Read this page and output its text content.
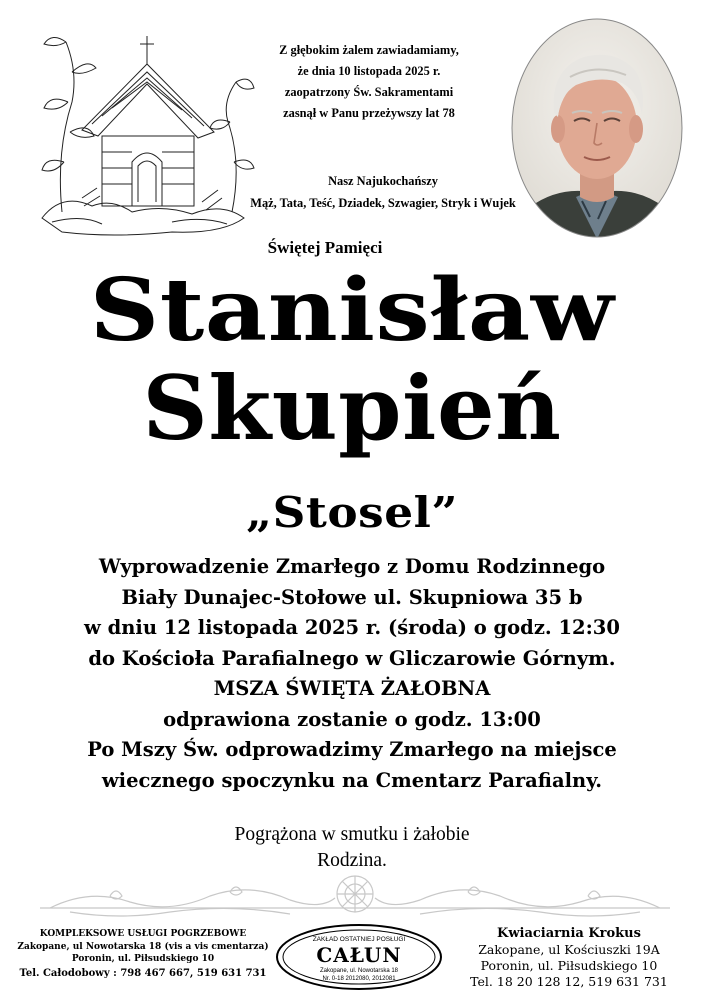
Z głębokim żalem zawiadamiamy,
że dnia 10 listopada 2025 r.
zaopatrzony Św. Sakramentami
zasnął w Panu przeżywszy lat 78
Nasz Najukochańszy
Mąż, Tata, Teść, Dziadek, Szwagier, Stryk i Wujek
Świętej Pamięci
Stanisław
Skupień
„Stosel”
Wyprowadzenie Zmarłego z Domu Rodzinnego
Biały Dunajec-Stołowe ul. Skupniowa 35 b
w dniu 12 listopada 2025 r. (środa) o godz. 12:30
do Kościoła Parafialnego w Gliczarowie Górnym.
MSZA ŚWIĘTA ŻAŁOBNA
odprawiona zostanie o godz. 13:00
Po Mszy Św. odprowadzimy Zmarłego na miejsce
wiecznego spoczynku na Cmentarz Parafialny.
Pogrążona w smutku i żałobie
Rodzina.
KOMPLEKSOWE USŁUGI POGRZEBOWE
Zakopane, ul Nowotarska 18 (vis a vis cmentarza)
Poronin, ul. Piłsudskiego 10
Tel. Całodobowy : 798 467 667, 519 631 731
ZAKŁAD OSTATNIEJ POSŁUGI
CAŁUN
Zakopane, ul. Nowotarska 18
Nr. 0-18 2012080, 2012081
Kwiaciarnia Krokus
Zakopane, ul Kościuszki 19A
Poronin, ul. Piłsudskiego 10
Tel. 18 20 128 12, 519 631 731
